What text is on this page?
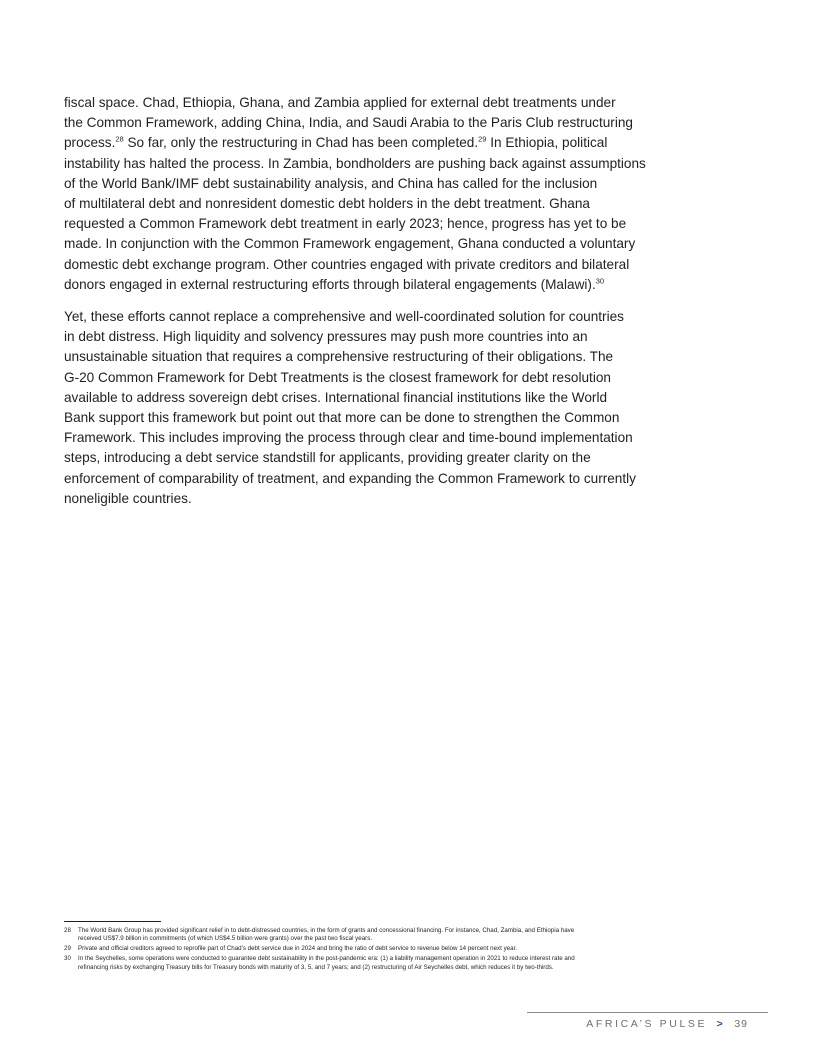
fiscal space. Chad, Ethiopia, Ghana, and Zambia applied for external debt treatments under
the Common Framework, adding China, India, and Saudi Arabia to the Paris Club restructuring
process.$^{28}$ So far, only the restructuring in Chad has been completed.$^{29}$ In Ethiopia, political
instability has halted the process. In Zambia, bondholders are pushing back against assumptions
of the World Bank/IMF debt sustainability analysis, and China has called for the inclusion
of multilateral debt and nonresident domestic debt holders in the debt treatment. Ghana
requested a Common Framework debt treatment in early 2023; hence, progress has yet to be
made. In conjunction with the Common Framework engagement, Ghana conducted a voluntary
domestic debt exchange program. Other countries engaged with private creditors and bilateral
donors engaged in external restructuring efforts through bilateral engagements (Malawi).$^{30}$

Yet, these efforts cannot replace a comprehensive and well-coordinated solution for countries
in debt distress. High liquidity and solvency pressures may push more countries into an
unsustainable situation that requires a comprehensive restructuring of their obligations. The
G-20 Common Framework for Debt Treatments is the closest framework for debt resolution
available to address sovereign debt crises. International financial institutions like the World
Bank support this framework but point out that more can be done to strengthen the Common
Framework. This includes improving the process through clear and time-bound implementation
steps, introducing a debt service standstill for applicants, providing greater clarity on the
enforcement of comparability of treatment, and expanding the Common Framework to currently
noneligible countries.

28	The World Bank Group has provided significant relief in to debt-distressed countries, in the form of grants and concessional financing. For instance, Chad, Zambia, and Ethiopia have
received US$7.9 billion in commitments (of which US$4.5 billion were grants) over the past two fiscal years.
29	Private and official creditors agreed to reprofile part of Chad’s debt service due in 2024 and bring the ratio of debt service to revenue below 14 percent next year.
30	In the Seychelles, some operations were conducted to guarantee debt sustainability in the post-pandemic era: (1) a liability management operation in 2021 to reduce interest rate and
refinancing risks by exchanging Treasury bills for Treasury bonds with maturity of 3, 5, and 7 years; and (2) restructuring of Air Seychelles debt, which reduces it by two-thirds.
AFRICA’S PULSE > 39
